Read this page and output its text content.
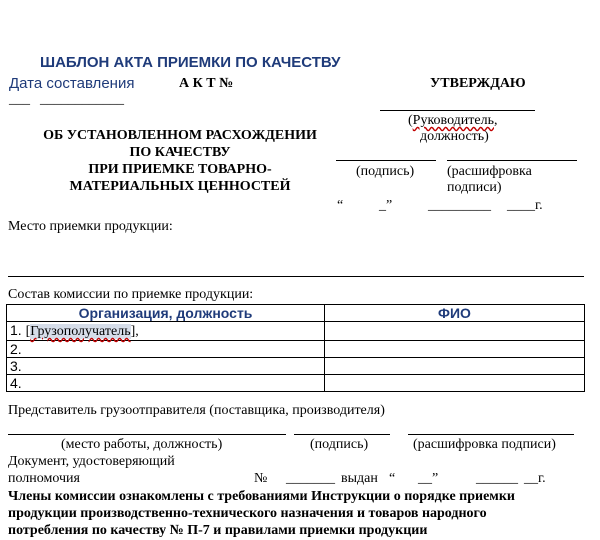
ШАБЛОН АКТА ПРИЕМКИ ПО КАЧЕСТВУ
Дата составления	А К Т №	УТВЕРЖДАЮ
___ ____________
(Руководитель,
должность)
(подпись) (расшифровка
подписи)
“	_”	_________ ____г.
ОБ УСТАНОВЛЕННОМ РАСХОЖДЕНИИ
ПО КАЧЕСТВУ
ПРИ ПРИЕМКЕ ТОВАРНО-
МАТЕРИАЛЬНЫХ ЦЕННОСТЕЙ
Место приемки продукции:
Состав комиссии по приемке продукции:
Организация, должность	ФИО
1. [Грузополучатель],	
2.	
3.	
4.	
Представитель грузоотправителя (поставщика, производителя)
(место работы, должность)	(подпись)	(расшифровка подписи)
Документ, удостоверяющий
полномочия	№ _______ выдан “ __”	______ __г.
Члены комиссии ознакомлены с требованиями Инструкции о порядке приемки
продукции производственно-технического назначения и товаров народного
потребления по качеству № П-7 и правилами приемки продукции
